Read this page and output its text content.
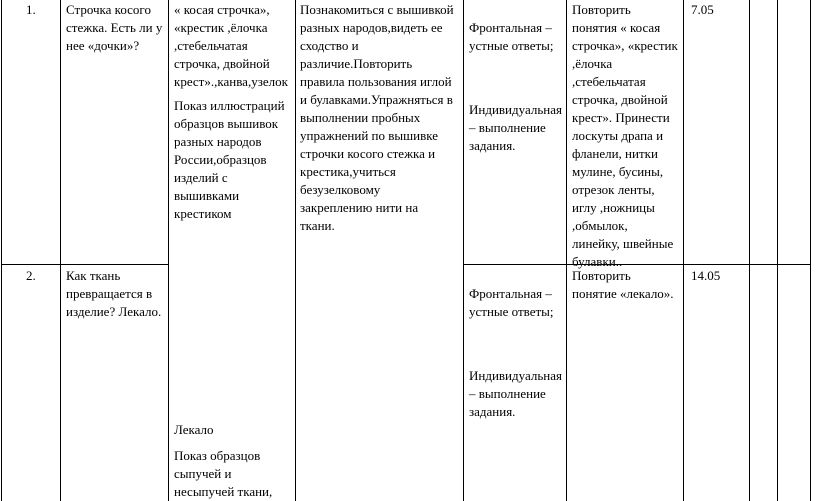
1. Строчка косого
стежка. Есть ли у
нее «дочки»?

« косая строчка»,
«крестик ,ёлочка
,стебельчатая
строчка, двойной
крест».,канва,узелок

Показ иллюстраций
образцов вышивок
разных народов
России,образцов
изделий с
вышивками
крестиком

Познакомиться с вышивкой
разных народов,видеть ее
сходство и
различие.Повторить
правила пользования иглой
и булавками.Упражняться в
выполнении пробных
упражнений по вышивке
строчки косого стежка и
крестика,учиться
безузелковому
закреплению нити на
ткани.

Фронтальная –
устные ответы;

Индивидуальная
– выполнение
задания.

Повторить
понятия « косая
строчка», «крестик
,ёлочка
,стебельчатая
строчка, двойной
крест». Принести
лоскуты драпа и
фланели, нитки
мулине, бусины,
отрезок ленты,
иглу ,ножницы
,обмылок,
линейку, швейные
булавки..

7.05

2. Как ткань
превращается в
изделие? Лекало.

Лекало

Показ образцов
сыпучей и
несыпучей ткани,

Фронтальная –
устные ответы;

Индивидуальная
– выполнение
задания.

Повторить
понятие «лекало».

14.05
